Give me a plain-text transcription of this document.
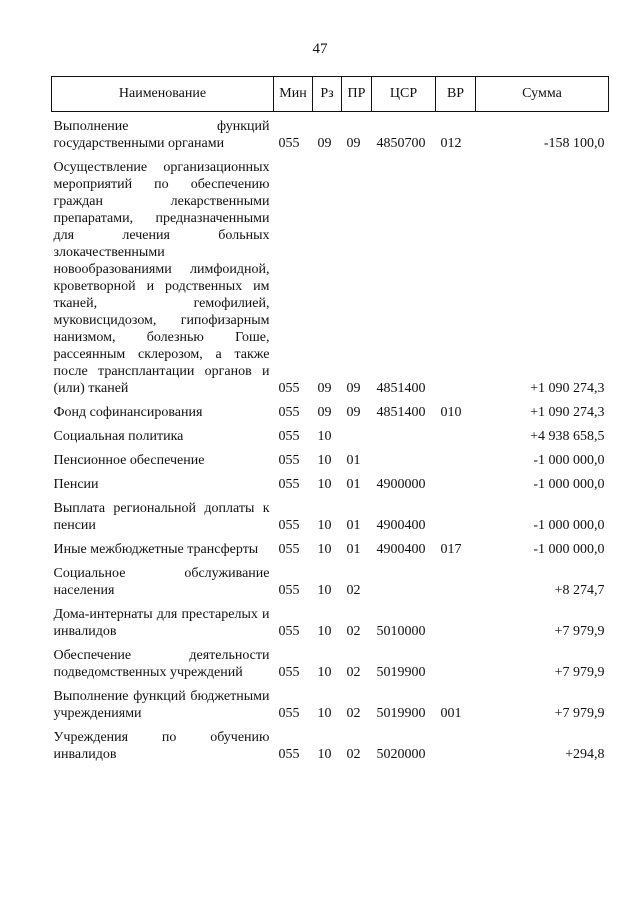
47
Наименование	Мин	Рз	ПР	ЦСР	ВР	Сумма
Выполнение функций государственными органами	055	09	09	4850700	012	-158 100,0
Осуществление организационных мероприятий по обеспечению граждан лекарственными препаратами, предназначенными для лечения больных злокачественными новообразованиями лимфоидной, кроветворной и родственных им тканей, гемофилией, муковисцидозом, гипофизарным нанизмом, болезнью Гоше, рассеянным склерозом, а также после трансплантации органов и (или) тканей	055	09	09	4851400		+1 090 274,3
Фонд софинансирования	055	09	09	4851400	010	+1 090 274,3
Социальная политика	055	10				+4 938 658,5
Пенсионное обеспечение	055	10	01			-1 000 000,0
Пенсии	055	10	01	4900000		-1 000 000,0
Выплата региональной доплаты к пенсии	055	10	01	4900400		-1 000 000,0
Иные межбюджетные трансферты	055	10	01	4900400	017	-1 000 000,0
Социальное обслуживание населения	055	10	02			+8 274,7
Дома-интернаты для престарелых и инвалидов	055	10	02	5010000		+7 979,9
Обеспечение деятельности подведомственных учреждений	055	10	02	5019900		+7 979,9
Выполнение функций бюджетными учреждениями	055	10	02	5019900	001	+7 979,9
Учреждения по обучению инвалидов	055	10	02	5020000		+294,8
